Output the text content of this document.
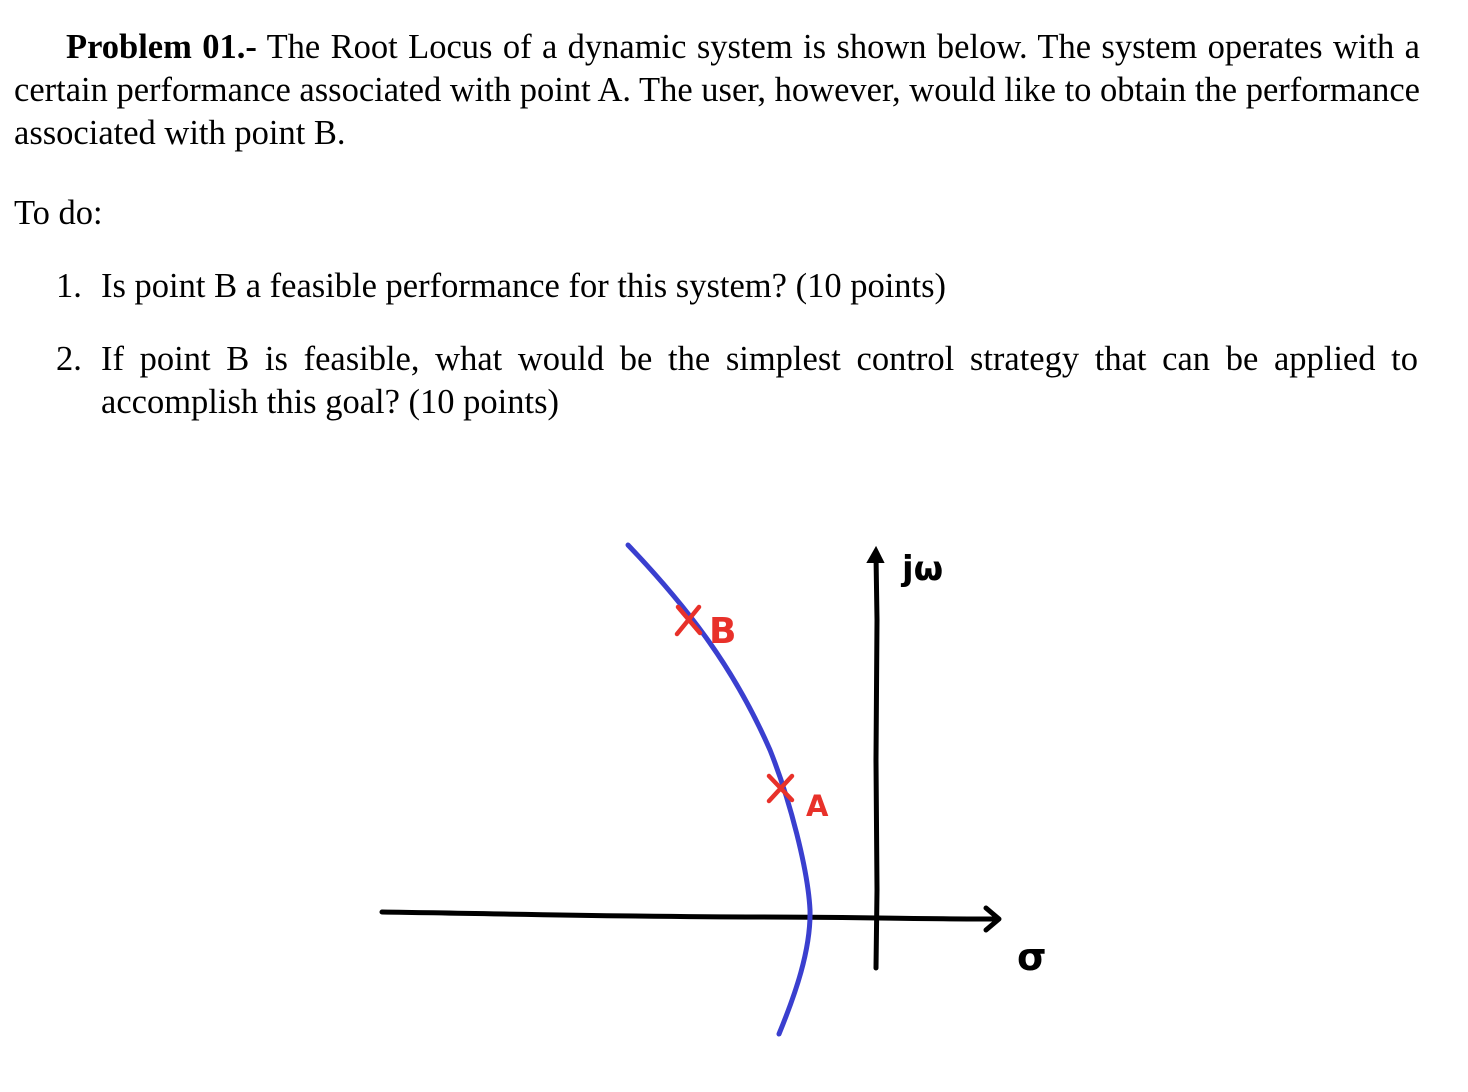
Problem 01.- The Root Locus of a dynamic system is shown below. The system operates with a certain performance associated with point A. The user, however, would like to obtain the performance associated with point B.
To do:
1. Is point B a feasible performance for this system? (10 points)
2. If point B is feasible, what would be the simplest control strategy that can be applied to accomplish this goal? (10 points)
B
A
jω
σ
